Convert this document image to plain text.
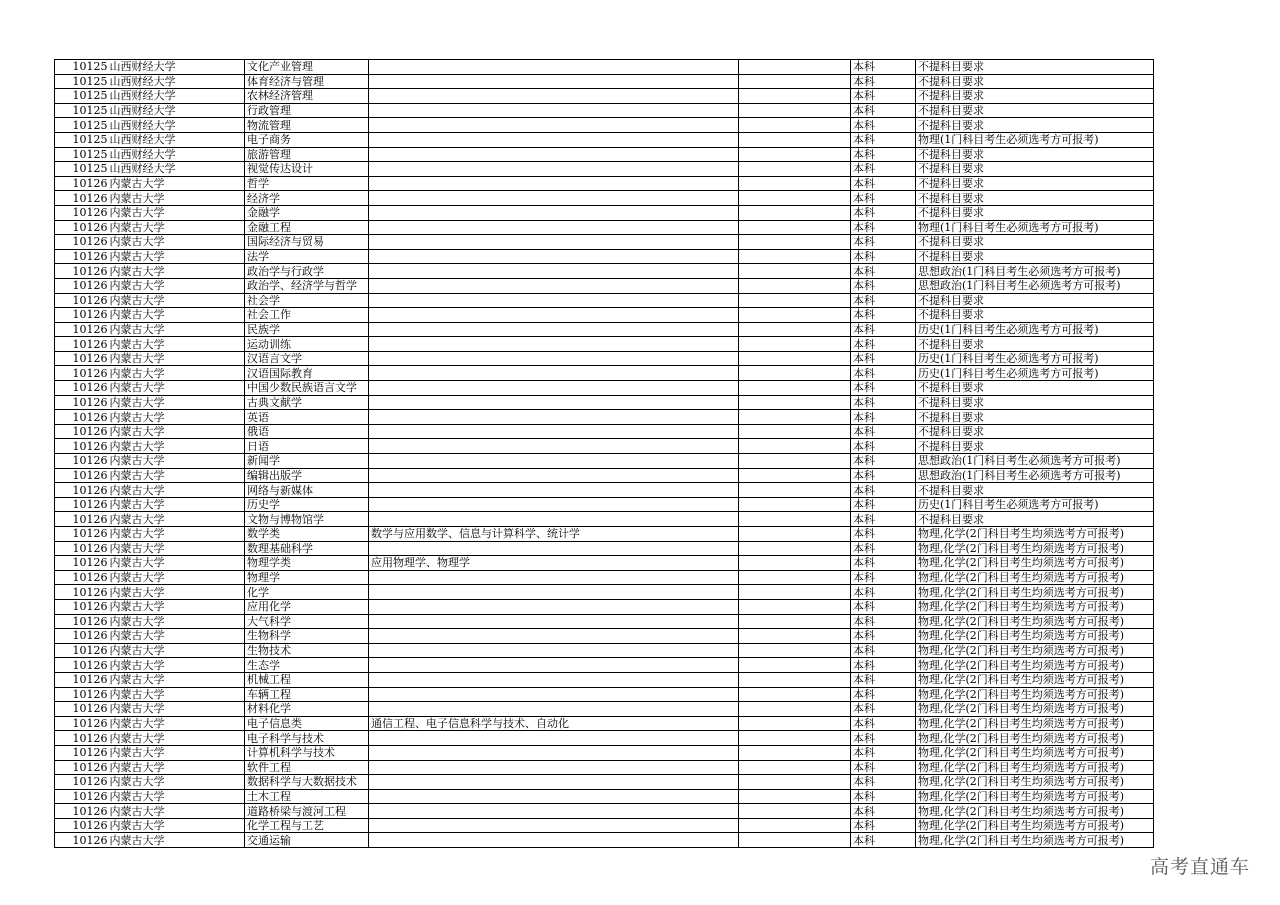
10125	山西财经大学	文化产业管理			本科	不提科目要求
10125	山西财经大学	体育经济与管理			本科	不提科目要求
10125	山西财经大学	农林经济管理			本科	不提科目要求
10125	山西财经大学	行政管理			本科	不提科目要求
10125	山西财经大学	物流管理			本科	不提科目要求
10125	山西财经大学	电子商务			本科	物理(1门科目考生必须选考方可报考)
10125	山西财经大学	旅游管理			本科	不提科目要求
10125	山西财经大学	视觉传达设计			本科	不提科目要求
10126	内蒙古大学	哲学			本科	不提科目要求
10126	内蒙古大学	经济学			本科	不提科目要求
10126	内蒙古大学	金融学			本科	不提科目要求
10126	内蒙古大学	金融工程			本科	物理(1门科目考生必须选考方可报考)
10126	内蒙古大学	国际经济与贸易			本科	不提科目要求
10126	内蒙古大学	法学			本科	不提科目要求
10126	内蒙古大学	政治学与行政学			本科	思想政治(1门科目考生必须选考方可报考)
10126	内蒙古大学	政治学、经济学与哲学			本科	思想政治(1门科目考生必须选考方可报考)
10126	内蒙古大学	社会学			本科	不提科目要求
10126	内蒙古大学	社会工作			本科	不提科目要求
10126	内蒙古大学	民族学			本科	历史(1门科目考生必须选考方可报考)
10126	内蒙古大学	运动训练			本科	不提科目要求
10126	内蒙古大学	汉语言文学			本科	历史(1门科目考生必须选考方可报考)
10126	内蒙古大学	汉语国际教育			本科	历史(1门科目考生必须选考方可报考)
10126	内蒙古大学	中国少数民族语言文学			本科	不提科目要求
10126	内蒙古大学	古典文献学			本科	不提科目要求
10126	内蒙古大学	英语			本科	不提科目要求
10126	内蒙古大学	俄语			本科	不提科目要求
10126	内蒙古大学	日语			本科	不提科目要求
10126	内蒙古大学	新闻学			本科	思想政治(1门科目考生必须选考方可报考)
10126	内蒙古大学	编辑出版学			本科	思想政治(1门科目考生必须选考方可报考)
10126	内蒙古大学	网络与新媒体			本科	不提科目要求
10126	内蒙古大学	历史学			本科	历史(1门科目考生必须选考方可报考)
10126	内蒙古大学	文物与博物馆学			本科	不提科目要求
10126	内蒙古大学	数学类	数学与应用数学、信息与计算科学、统计学		本科	物理,化学(2门科目考生均须选考方可报考)
10126	内蒙古大学	数理基础科学			本科	物理,化学(2门科目考生均须选考方可报考)
10126	内蒙古大学	物理学类	应用物理学、物理学		本科	物理,化学(2门科目考生均须选考方可报考)
10126	内蒙古大学	物理学			本科	物理,化学(2门科目考生均须选考方可报考)
10126	内蒙古大学	化学			本科	物理,化学(2门科目考生均须选考方可报考)
10126	内蒙古大学	应用化学			本科	物理,化学(2门科目考生均须选考方可报考)
10126	内蒙古大学	大气科学			本科	物理,化学(2门科目考生均须选考方可报考)
10126	内蒙古大学	生物科学			本科	物理,化学(2门科目考生均须选考方可报考)
10126	内蒙古大学	生物技术			本科	物理,化学(2门科目考生均须选考方可报考)
10126	内蒙古大学	生态学			本科	物理,化学(2门科目考生均须选考方可报考)
10126	内蒙古大学	机械工程			本科	物理,化学(2门科目考生均须选考方可报考)
10126	内蒙古大学	车辆工程			本科	物理,化学(2门科目考生均须选考方可报考)
10126	内蒙古大学	材料化学			本科	物理,化学(2门科目考生均须选考方可报考)
10126	内蒙古大学	电子信息类	通信工程、电子信息科学与技术、自动化		本科	物理,化学(2门科目考生均须选考方可报考)
10126	内蒙古大学	电子科学与技术			本科	物理,化学(2门科目考生均须选考方可报考)
10126	内蒙古大学	计算机科学与技术			本科	物理,化学(2门科目考生均须选考方可报考)
10126	内蒙古大学	软件工程			本科	物理,化学(2门科目考生均须选考方可报考)
10126	内蒙古大学	数据科学与大数据技术			本科	物理,化学(2门科目考生均须选考方可报考)
10126	内蒙古大学	土木工程			本科	物理,化学(2门科目考生均须选考方可报考)
10126	内蒙古大学	道路桥梁与渡河工程			本科	物理,化学(2门科目考生均须选考方可报考)
10126	内蒙古大学	化学工程与工艺			本科	物理,化学(2门科目考生均须选考方可报考)
10126	内蒙古大学	交通运输			本科	物理,化学(2门科目考生均须选考方可报考)
高考直通车
